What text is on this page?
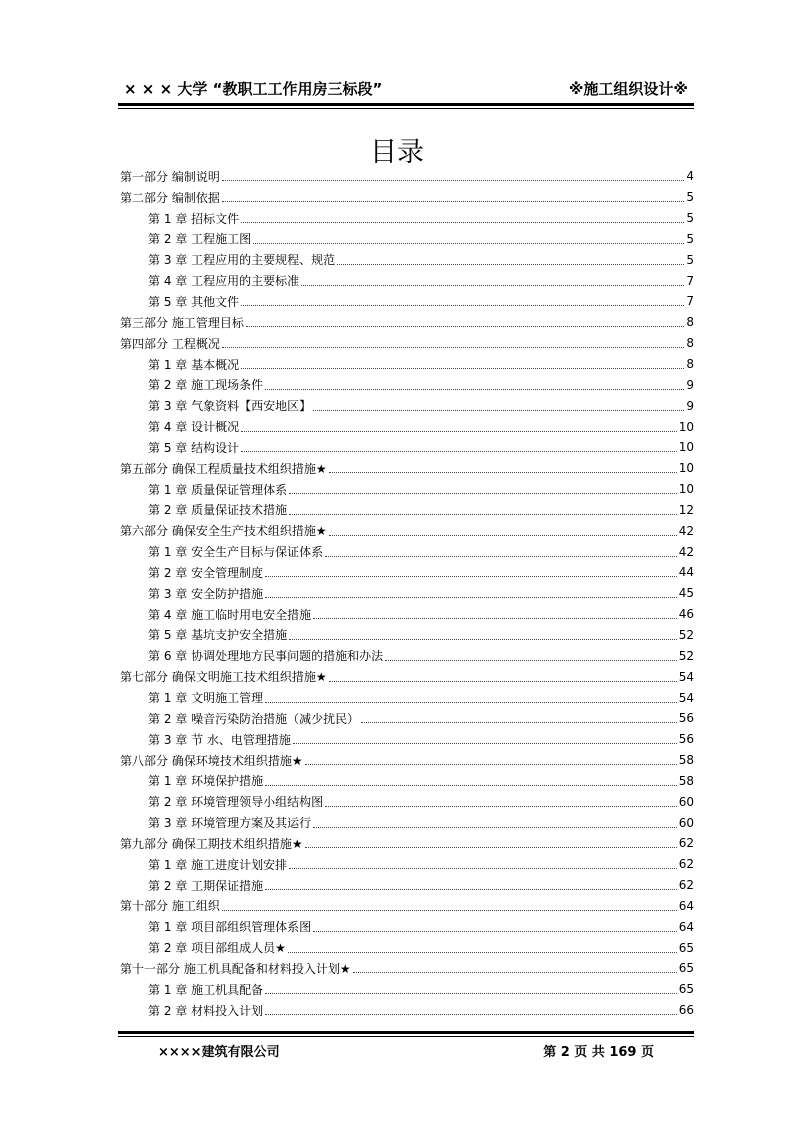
× × × 大学 “教职工工作用房三标段”	※施工组织设计※
目录
第一部分 编制说明	4
第二部分 编制依据	5
第 1 章 招标文件	5
第 2 章 工程施工图	5
第 3 章 工程应用的主要规程、规范	5
第 4 章 工程应用的主要标准	7
第 5 章 其他文件	7
第三部分 施工管理目标	8
第四部分 工程概况	8
第 1 章 基本概况	8
第 2 章 施工现场条件	9
第 3 章 气象资料【西安地区】	9
第 4 章 设计概况	10
第 5 章 结构设计	10
第五部分 确保工程质量技术组织措施★	10
第 1 章 质量保证管理体系	10
第 2 章 质量保证技术措施	12
第六部分 确保安全生产技术组织措施★	42
第 1 章 安全生产目标与保证体系	42
第 2 章 安全管理制度	44
第 3 章 安全防护措施	45
第 4 章 施工临时用电安全措施	46
第 5 章 基坑支护安全措施	52
第 6 章 协调处理地方民事问题的措施和办法	52
第七部分 确保文明施工技术组织措施★	54
第 1 章 文明施工管理	54
第 2 章 噪音污染防治措施（减少扰民）	56
第 3 章 节 水、电管理措施	56
第八部分 确保环境技术组织措施★	58
第 1 章 环境保护措施	58
第 2 章 环境管理领导小组结构图	60
第 3 章 环境管理方案及其运行	60
第九部分 确保工期技术组织措施★	62
第 1 章 施工进度计划安排	62
第 2 章 工期保证措施	62
第十部分 施工组织	64
第 1 章 项目部组织管理体系图	64
第 2 章 项目部组成人员★	65
第十一部分 施工机具配备和材料投入计划★	65
第 1 章 施工机具配备	65
第 2 章 材料投入计划	66
××××建筑有限公司	第 2 页 共 169 页
